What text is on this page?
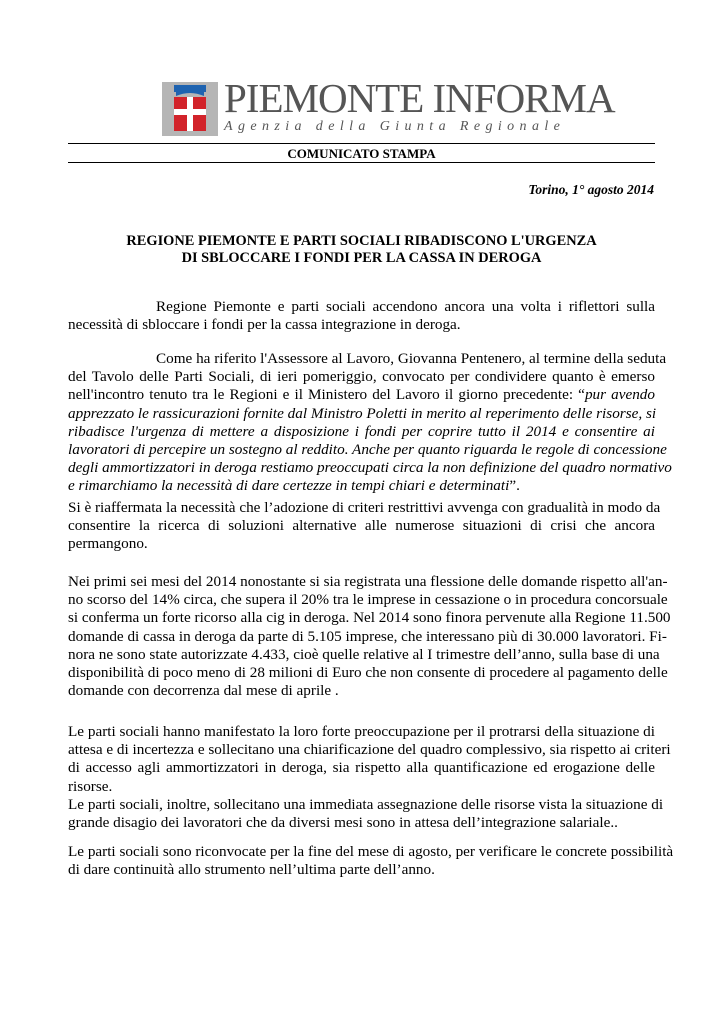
PIEMONTE INFORMA
Agenzia della Giunta Regionale
COMUNICATO STAMPA
Torino, 1° agosto 2014
REGIONE PIEMONTE E PARTI SOCIALI RIBADISCONO L'URGENZA
DI SBLOCCARE I FONDI PER LA CASSA IN DEROGA
Regione Piemonte e parti sociali accendono ancora una volta i riflettori sulla
necessità di sbloccare i fondi per la cassa integrazione in deroga.
Come ha riferito l'Assessore al Lavoro, Giovanna Pentenero, al termine della seduta
del Tavolo delle Parti Sociali, di ieri pomeriggio, convocato per condividere quanto è emerso
nell'incontro tenuto tra le Regioni e il Ministero del Lavoro il giorno precedente: “pur avendo
apprezzato le rassicurazioni fornite dal Ministro Poletti in merito al reperimento delle risorse, si
ribadisce l'urgenza di mettere a disposizione i fondi per coprire tutto il 2014 e consentire ai
lavoratori di percepire un sostegno al reddito. Anche per quanto riguarda le regole di concessione
degli ammortizzatori in deroga restiamo preoccupati circa la non definizione del quadro normativo
e rimarchiamo la necessità di dare certezze in tempi chiari e determinati”.
Si è riaffermata la necessità che l’adozione di criteri restrittivi avvenga con gradualità in modo da
consentire la ricerca di soluzioni alternative alle numerose situazioni di crisi che ancora
permangono.
Nei primi sei mesi del 2014 nonostante si sia registrata una flessione delle domande rispetto all'an-
no scorso del 14% circa, che supera il 20% tra le imprese in cessazione o in procedura concorsuale
si conferma un forte ricorso alla cig in deroga. Nel 2014 sono finora pervenute alla Regione 11.500
domande di cassa in deroga da parte di 5.105 imprese, che interessano più di 30.000 lavoratori. Fi-
nora ne sono state autorizzate 4.433, cioè quelle relative al I trimestre dell’anno, sulla base di una
disponibilità di poco meno di 28 milioni di Euro che non consente di procedere al pagamento delle
domande con decorrenza dal mese di aprile .
Le parti sociali hanno manifestato la loro forte preoccupazione per il protrarsi della situazione di
attesa e di incertezza e sollecitano una chiarificazione del quadro complessivo, sia rispetto ai criteri
di accesso agli ammortizzatori in deroga, sia rispetto alla quantificazione ed erogazione delle
risorse.
Le parti sociali, inoltre, sollecitano una immediata assegnazione delle risorse vista la situazione di
grande disagio dei lavoratori che da diversi mesi sono in attesa dell’integrazione salariale..
Le parti sociali sono riconvocate per la fine del mese di agosto, per verificare le concrete possibilità
di dare continuità allo strumento nell’ultima parte dell’anno.
